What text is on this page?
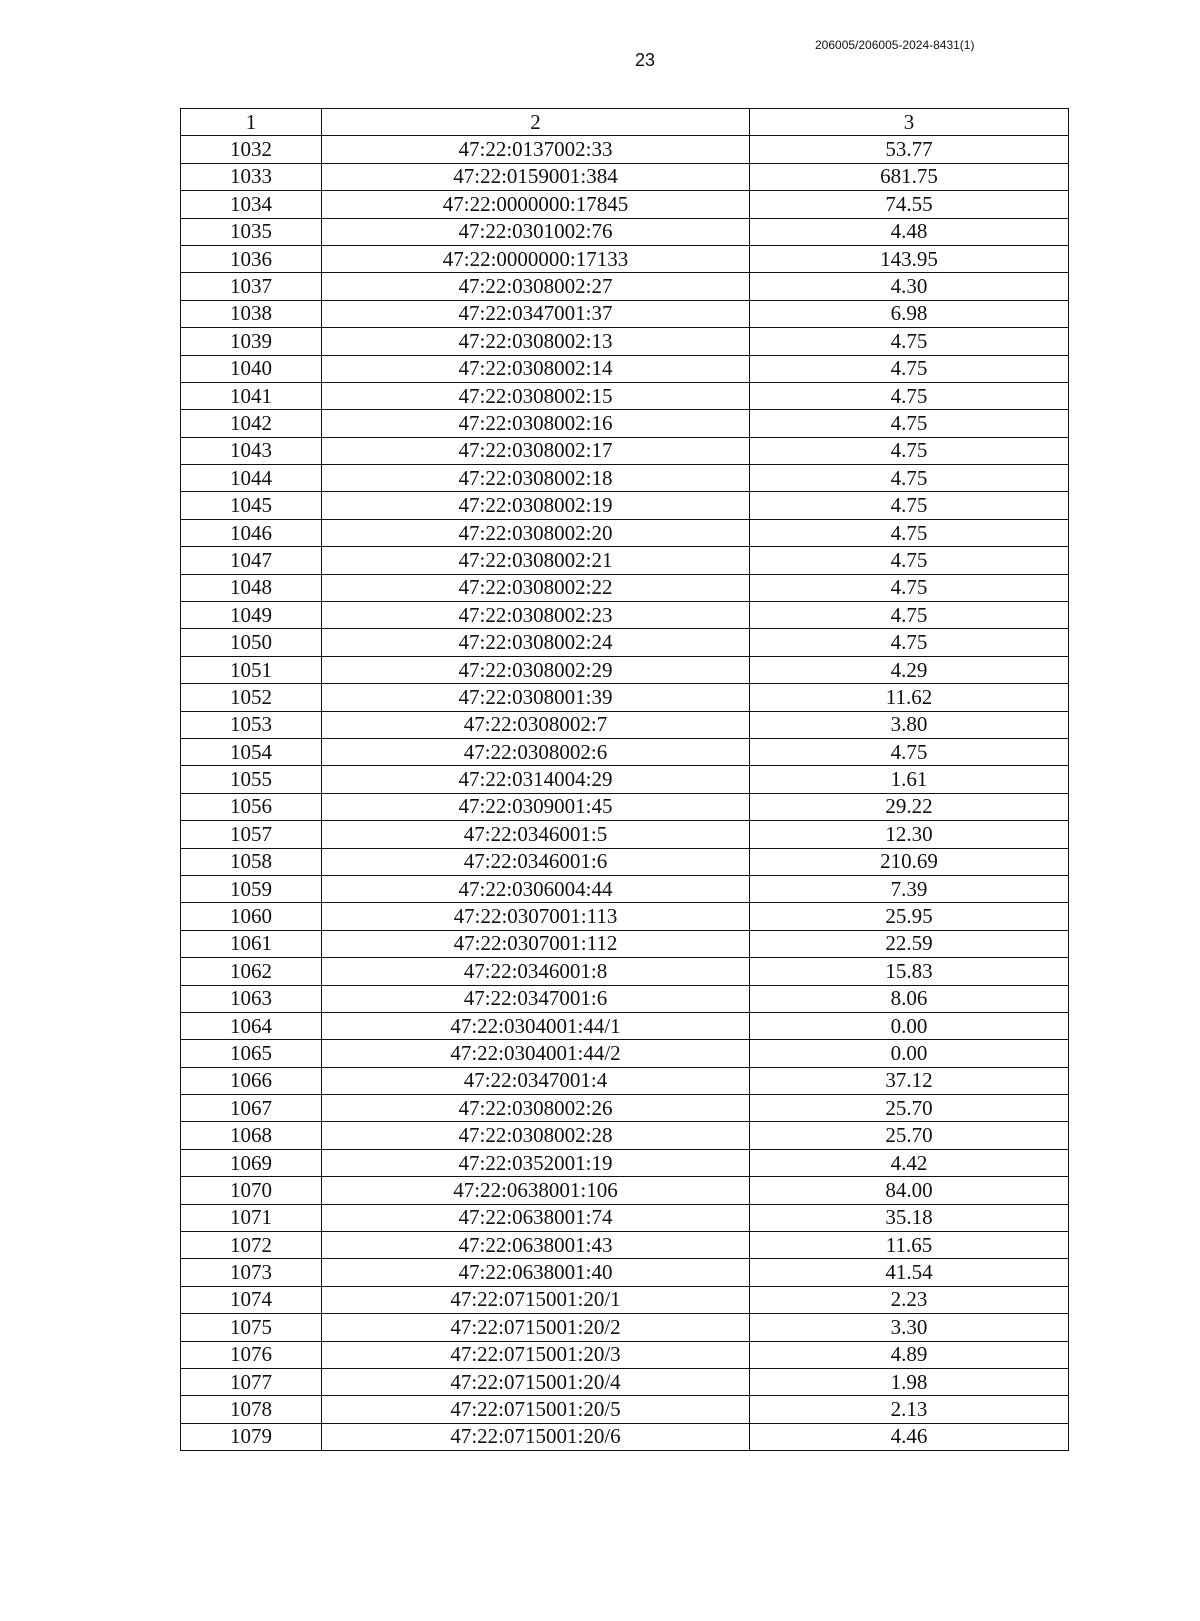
23
206005/206005-2024-8431(1)
1	2	3
1032	47:22:0137002:33	53.77
1033	47:22:0159001:384	681.75
1034	47:22:0000000:17845	74.55
1035	47:22:0301002:76	4.48
1036	47:22:0000000:17133	143.95
1037	47:22:0308002:27	4.30
1038	47:22:0347001:37	6.98
1039	47:22:0308002:13	4.75
1040	47:22:0308002:14	4.75
1041	47:22:0308002:15	4.75
1042	47:22:0308002:16	4.75
1043	47:22:0308002:17	4.75
1044	47:22:0308002:18	4.75
1045	47:22:0308002:19	4.75
1046	47:22:0308002:20	4.75
1047	47:22:0308002:21	4.75
1048	47:22:0308002:22	4.75
1049	47:22:0308002:23	4.75
1050	47:22:0308002:24	4.75
1051	47:22:0308002:29	4.29
1052	47:22:0308001:39	11.62
1053	47:22:0308002:7	3.80
1054	47:22:0308002:6	4.75
1055	47:22:0314004:29	1.61
1056	47:22:0309001:45	29.22
1057	47:22:0346001:5	12.30
1058	47:22:0346001:6	210.69
1059	47:22:0306004:44	7.39
1060	47:22:0307001:113	25.95
1061	47:22:0307001:112	22.59
1062	47:22:0346001:8	15.83
1063	47:22:0347001:6	8.06
1064	47:22:0304001:44/1	0.00
1065	47:22:0304001:44/2	0.00
1066	47:22:0347001:4	37.12
1067	47:22:0308002:26	25.70
1068	47:22:0308002:28	25.70
1069	47:22:0352001:19	4.42
1070	47:22:0638001:106	84.00
1071	47:22:0638001:74	35.18
1072	47:22:0638001:43	11.65
1073	47:22:0638001:40	41.54
1074	47:22:0715001:20/1	2.23
1075	47:22:0715001:20/2	3.30
1076	47:22:0715001:20/3	4.89
1077	47:22:0715001:20/4	1.98
1078	47:22:0715001:20/5	2.13
1079	47:22:0715001:20/6	4.46
